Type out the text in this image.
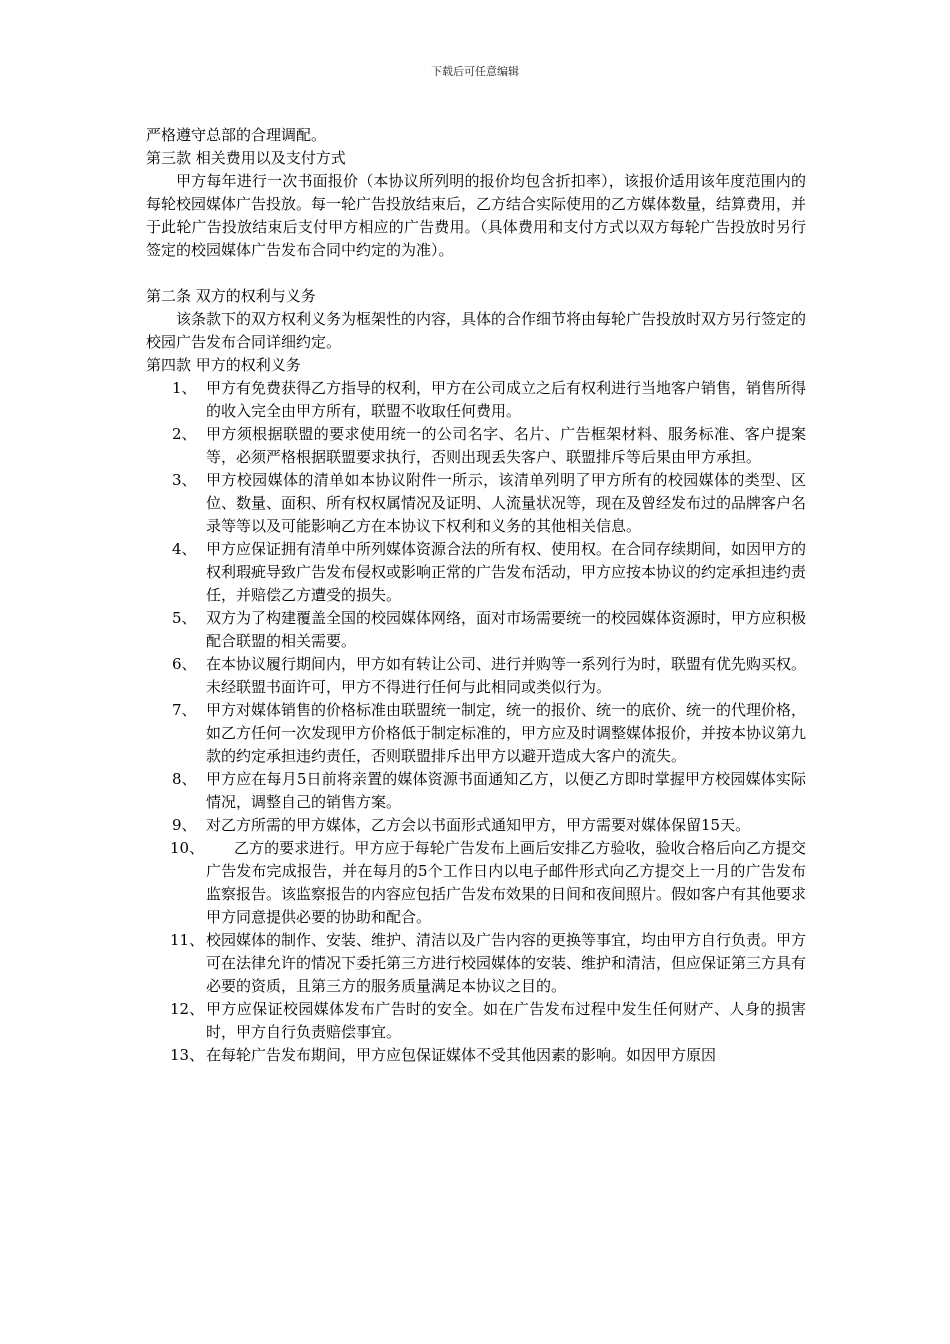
下载后可任意编辑

严格遵守总部的合理调配。

第三款 相关费用以及支付方式

甲方每年进行一次书面报价（本协议所列明的报价均包含折扣率），该报价适用该年度范围内的每轮校园媒体广告投放。每一轮广告投放结束后，乙方结合实际使用的乙方媒体数量，结算费用，并于此轮广告投放结束后支付甲方相应的广告费用。（具体费用和支付方式以双方每轮广告投放时另行签定的校园媒体广告发布合同中约定的为准）。

第二条 双方的权利与义务

该条款下的双方权利义务为框架性的内容，具体的合作细节将由每轮广告投放时双方另行签定的校园广告发布合同详细约定。

第四款 甲方的权利义务

1、 甲方有免费获得乙方指导的权利，甲方在公司成立之后有权利进行当地客户销售，销售所得的收入完全由甲方所有，联盟不收取任何费用。
2、 甲方须根据联盟的要求使用统一的公司名字、名片、广告框架材料、服务标准、客户提案等，必须严格根据联盟要求执行，否则出现丢失客户、联盟排斥等后果由甲方承担。
3、 甲方校园媒体的清单如本协议附件一所示，该清单列明了甲方所有的校园媒体的类型、区位、数量、面积、所有权权属情况及证明、人流量状况等，现在及曾经发布过的品牌客户名录等等以及可能影响乙方在本协议下权利和义务的其他相关信息。
4、 甲方应保证拥有清单中所列媒体资源合法的所有权、使用权。在合同存续期间，如因甲方的权利瑕疵导致广告发布侵权或影响正常的广告发布活动，甲方应按本协议的约定承担违约责任，并赔偿乙方遭受的损失。
5、 双方为了构建覆盖全国的校园媒体网络，面对市场需要统一的校园媒体资源时，甲方应积极配合联盟的相关需要。
6、 在本协议履行期间内，甲方如有转让公司、进行并购等一系列行为时，联盟有优先购买权。未经联盟书面许可，甲方不得进行任何与此相同或类似行为。
7、 甲方对媒体销售的价格标准由联盟统一制定，统一的报价、统一的底价、统一的代理价格，如乙方任何一次发现甲方价格低于制定标准的，甲方应及时调整媒体报价，并按本协议第九款的约定承担违约责任，否则联盟排斥出甲方以避开造成大客户的流失。
8、 甲方应在每月5日前将亲置的媒体资源书面通知乙方，以便乙方即时掌握甲方校园媒体实际情况，调整自己的销售方案。
9、 对乙方所需的甲方媒体，乙方会以书面形式通知甲方，甲方需要对媒体保留15天。
10、	乙方的要求进行。甲方应于每轮广告发布上画后安排乙方验收，验收合格后向乙方提交广告发布完成报告，并在每月的5个工作日内以电子邮件形式向乙方提交上一月的广告发布监察报告。该监察报告的内容应包括广告发布效果的日间和夜间照片。假如客户有其他要求甲方同意提供必要的协助和配合。
11、 校园媒体的制作、安装、维护、清洁以及广告内容的更换等事宜，均由甲方自行负责。甲方可在法律允许的情况下委托第三方进行校园媒体的安装、维护和清洁，但应保证第三方具有必要的资质，且第三方的服务质量满足本协议之目的。
12、 甲方应保证校园媒体发布广告时的安全。如在广告发布过程中发生任何财产、人身的损害时，甲方自行负责赔偿事宜。
13、 在每轮广告发布期间，甲方应包保证媒体不受其他因素的影响。如因甲方原因
